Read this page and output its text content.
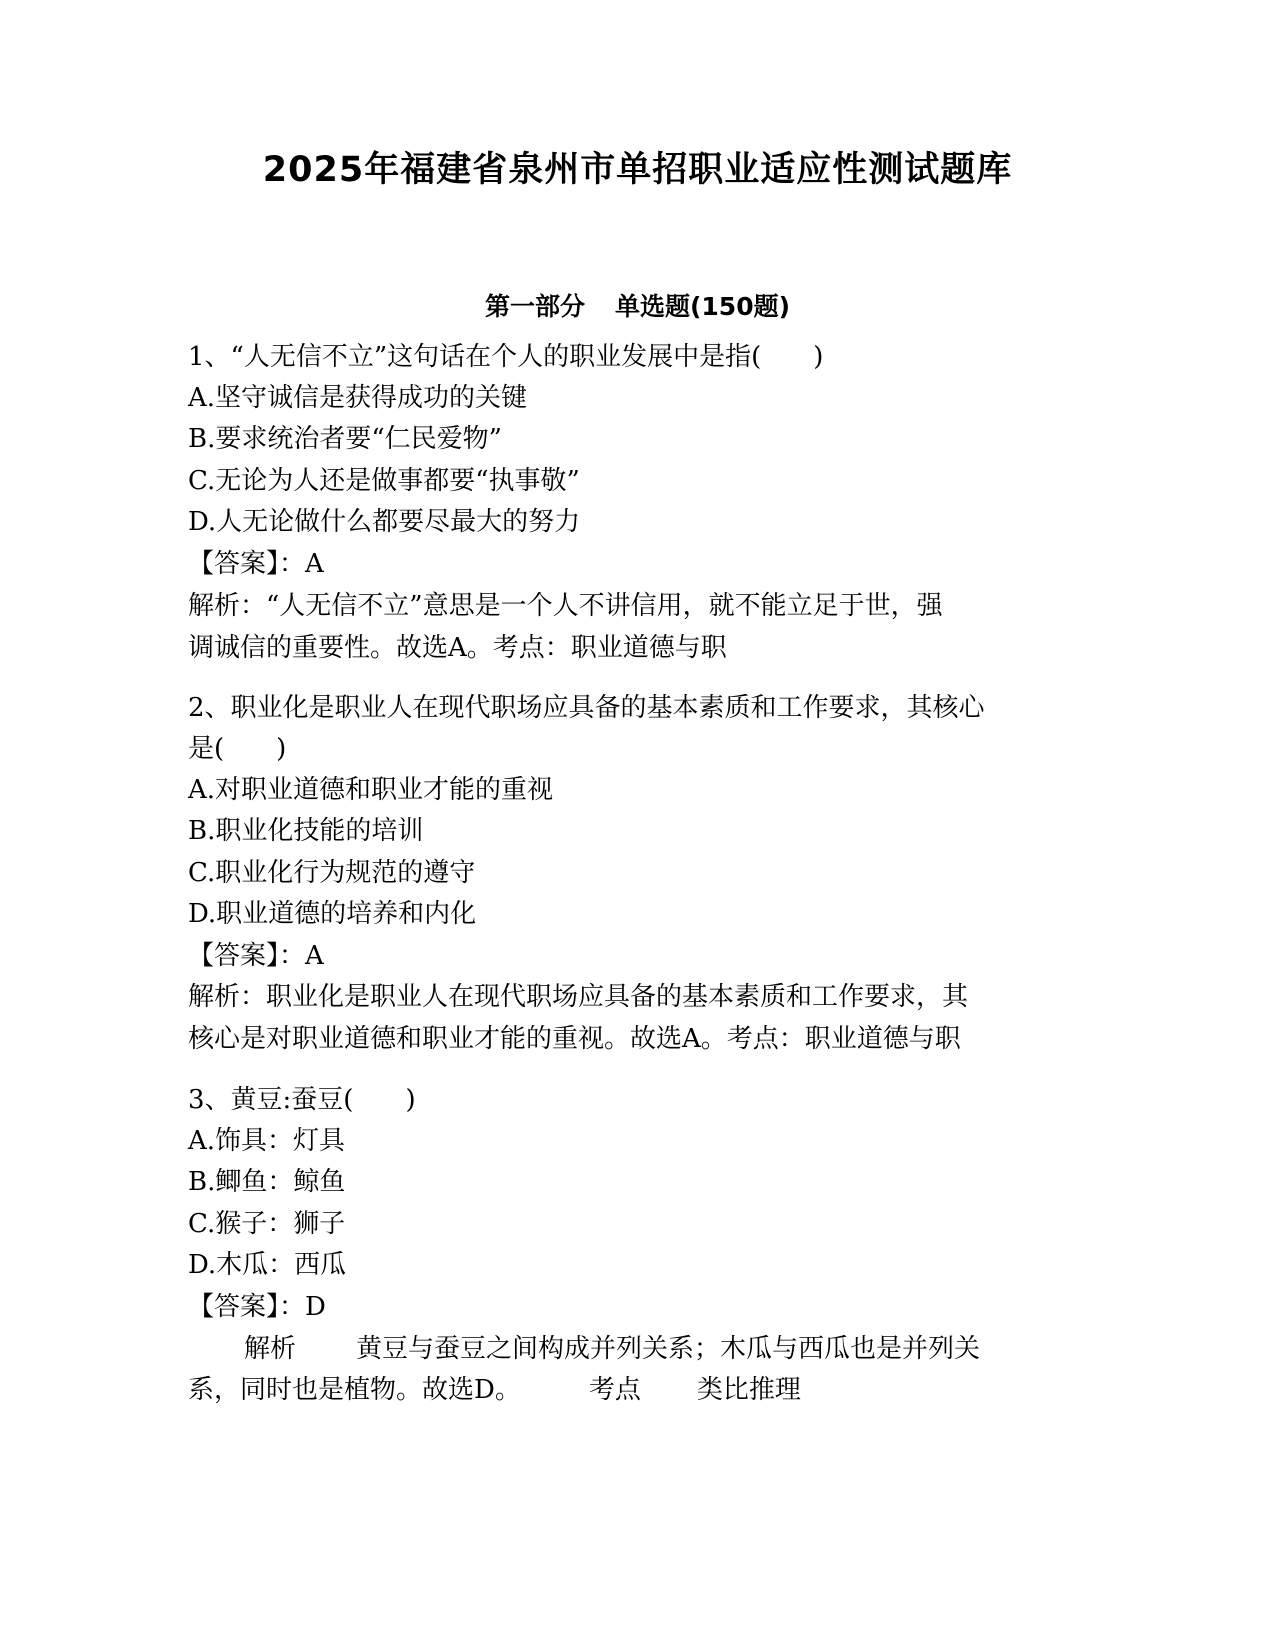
2025年福建省泉州市单招职业适应性测试题库
第一部分 单选题(150题)
1、“人无信不立”这句话在个人的职业发展中是指(　　)
A.坚守诚信是获得成功的关键
B.要求统治者要“仁民爱物”
C.无论为人还是做事都要“执事敬”
D.人无论做什么都要尽最大的努力
【答案】：A
解析：“人无信不立”意思是一个人不讲信用，就不能立足于世，强
调诚信的重要性。故选A。考点：职业道德与职
2、职业化是职业人在现代职场应具备的基本素质和工作要求，其核心
是(　　)
A.对职业道德和职业才能的重视
B.职业化技能的培训
C.职业化行为规范的遵守
D.职业道德的培养和内化
【答案】：A
解析：职业化是职业人在现代职场应具备的基本素质和工作要求，其
核心是对职业道德和职业才能的重视。故选A。考点：职业道德与职
3、黄豆:蚕豆(　　)
A.饰具：灯具
B.鲫鱼：鲸鱼
C.猴子：狮子
D.木瓜：西瓜
【答案】：D
解析 黄豆与蚕豆之间构成并列关系；木瓜与西瓜也是并列关
系，同时也是植物。故选D。	考点 类比推理
